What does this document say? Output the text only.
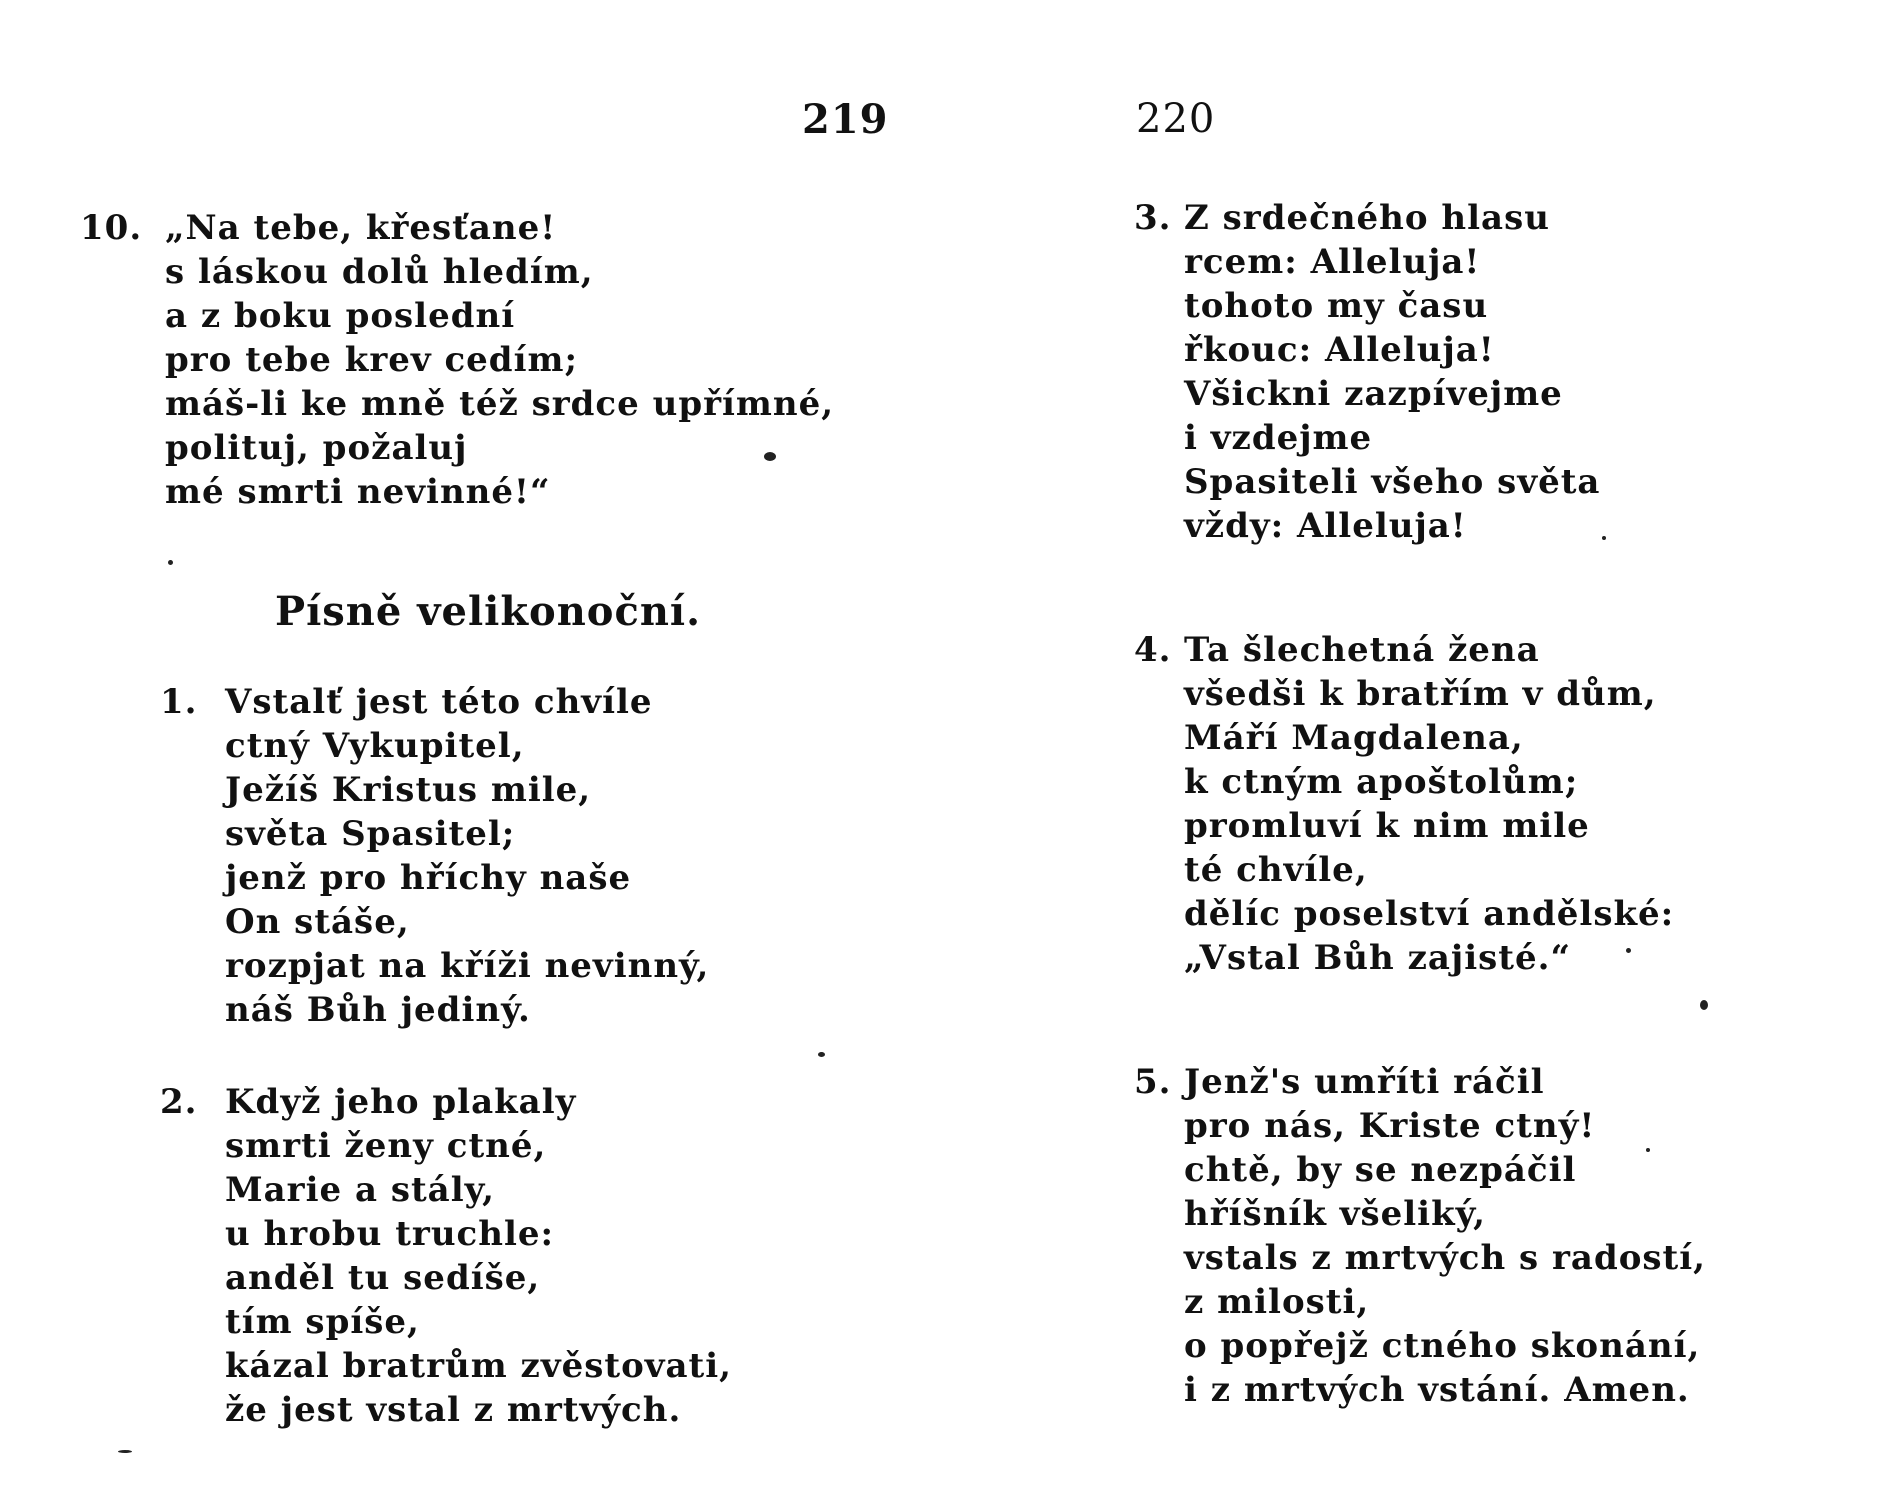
219
10. „Na tebe, křesťane!
s láskou dolů hledím,
a z boku poslední
pro tebe krev cedím;
máš-li ke mně též srdce upřímné,
polituj, požaluj
mé smrti nevinné!“
Písně velikonoční.
1. Vstalť jest této chvíle
ctný Vykupitel,
Ježíš Kristus mile,
světa Spasitel;
jenž pro hříchy naše
On stáše,
rozpjat na kříži nevinný,
náš Bůh jediný.
2. Když jeho plakaly
smrti ženy ctné,
Marie a stály,
u hrobu truchle:
anděl tu sedíše,
tím spíše,
kázal bratrům zvěstovati,
že jest vstal z mrtvých.
220
3. Z srdečného hlasu
rcem: Alleluja!
tohoto my času
řkouc: Alleluja!
Všickni zazpívejme
i vzdejme
Spasiteli všeho světa
vždy: Alleluja!
4. Ta šlechetná žena
všedši k bratřím v dům,
Máří Magdalena,
k ctným apoštolům;
promluví k nim mile
té chvíle,
dělíc poselství andělské:
„Vstal Bůh zajisté.“
5. Jenž's umříti ráčil
pro nás, Kriste ctný!
chtě, by se nezpáčil
hříšník všeliký,
vstals z mrtvých s radostí,
z milosti,
o popřejž ctného skonání,
i z mrtvých vstání. Amen.
